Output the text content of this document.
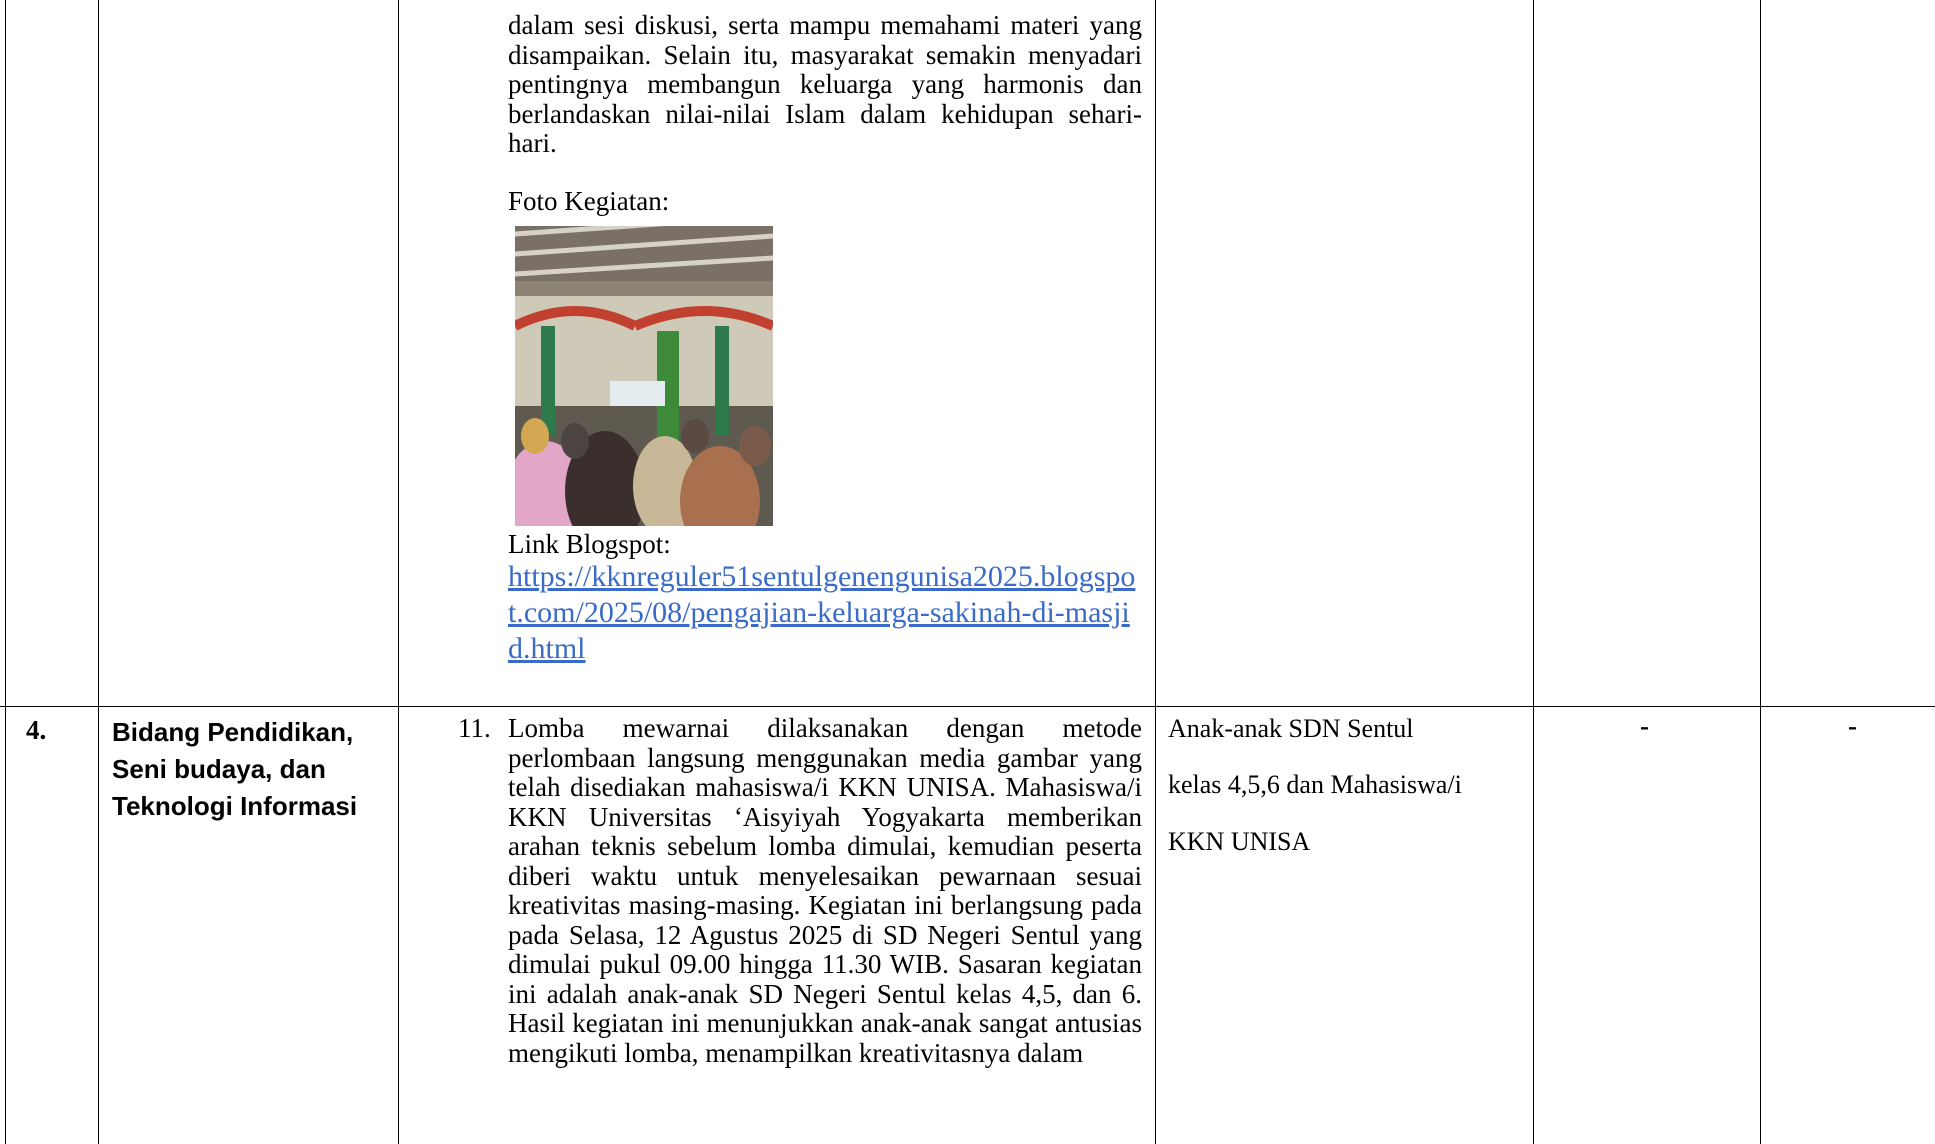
dalam sesi diskusi, serta mampu memahami materi yang disampaikan. Selain itu, masyarakat semakin menyadari pentingnya membangun keluarga yang harmonis dan berlandaskan nilai-nilai Islam dalam kehidupan sehari-hari.
Foto Kegiatan:
Link Blogspot:
https://kknreguler51sentulgenengunisa2025.blogspot.com/2025/08/pengajian-keluarga-sakinah-di-masjid.html
4.	Bidang Pendidikan, Seni budaya, dan Teknologi Informasi
11. Lomba mewarnai dilaksanakan dengan metode perlombaan langsung menggunakan media gambar yang telah disediakan mahasiswa/i KKN UNISA. Mahasiswa/i KKN Universitas ‘Aisyiyah Yogyakarta memberikan arahan teknis sebelum lomba dimulai, kemudian peserta diberi waktu untuk menyelesaikan pewarnaan sesuai kreativitas masing-masing. Kegiatan ini berlangsung pada pada Selasa, 12 Agustus 2025 di SD Negeri Sentul yang dimulai pukul 09.00 hingga 11.30 WIB. Sasaran kegiatan ini adalah anak-anak SD Negeri Sentul kelas 4,5, dan 6. Hasil kegiatan ini menunjukkan anak-anak sangat antusias mengikuti lomba, menampilkan kreativitasnya dalam
Anak-anak SDN Sentul
kelas 4,5,6 dan Mahasiswa/i
KKN UNISA
-	-
